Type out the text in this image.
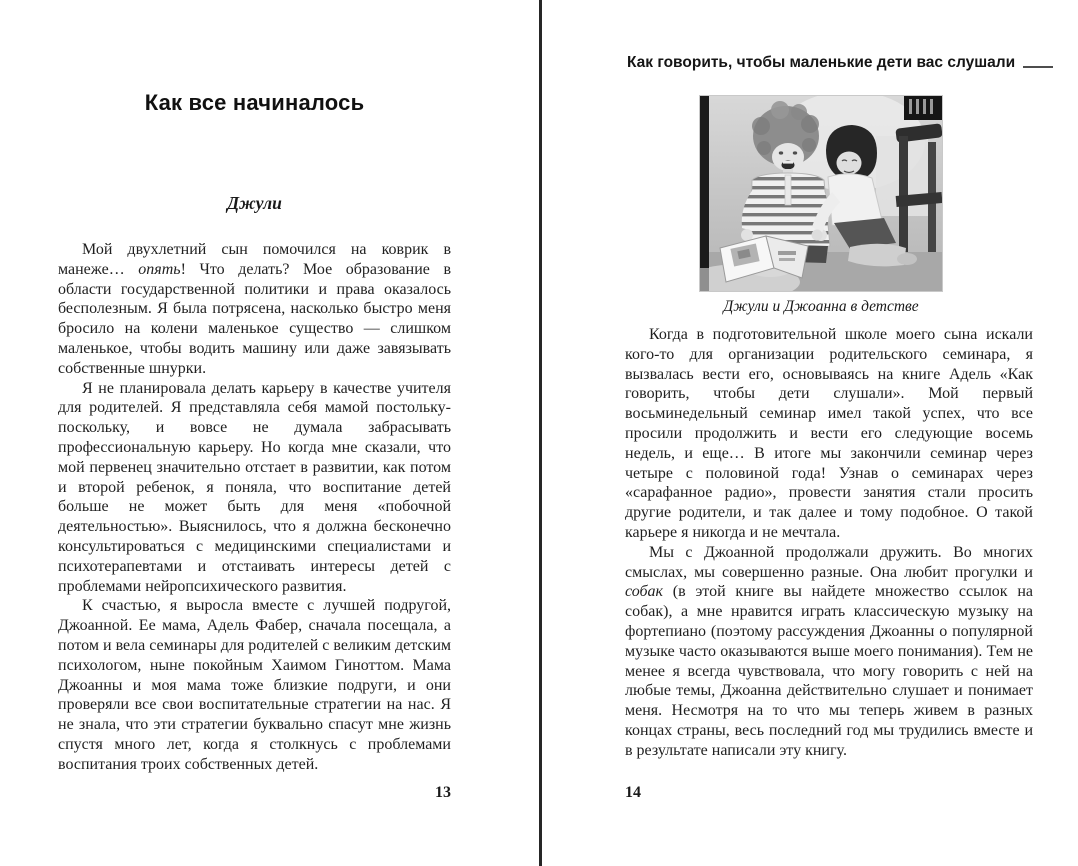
Как все начиналось
Джули

Мой двухлетний сын помочился на коврик в манеже… опять! Что делать? Мое образование в области государственной политики и права оказалось бесполезным. Я была потрясена, насколько быстро меня бросило на колени маленькое существо — слишком маленькое, чтобы водить машину или даже завязывать собственные шнурки.

Я не планировала делать карьеру в качестве учителя для родителей. Я представляла себя мамой постольку-поскольку, и вовсе не думала забрасывать профессиональную карьеру. Но когда мне сказали, что мой первенец значительно отстает в развитии, как потом и второй ребенок, я поняла, что воспитание детей больше не может быть для меня «побочной деятельностью». Выяснилось, что я должна бесконечно консультироваться с медицинскими специалистами и психотерапевтами и отстаивать интересы детей с проблемами нейропсихического развития.

К счастью, я выросла вместе с лучшей подругой, Джоанной. Ее мама, Адель Фабер, сначала посещала, а потом и вела семинары для родителей с великим детским психологом, ныне покойным Хаимом Гиноттом. Мама Джоанны и моя мама тоже близкие подруги, и они проверяли все свои воспитательные стратегии на нас. Я не знала, что эти стратегии буквально спасут мне жизнь спустя много лет, когда я столкнусь с проблемами воспитания троих собственных детей.

13
Как говорить, чтобы маленькие дети вас слушали
Джули и Джоанна в детстве

Когда в подготовительной школе моего сына искали кого-то для организации родительского семинара, я вызвалась вести его, основываясь на книге Адель «Как говорить, чтобы дети слушали». Мой первый восьминедельный семинар имел такой успех, что все просили продолжить и вести его следующие восемь недель, и еще… В итоге мы закончили семинар через четыре с половиной года! Узнав о семинарах через «сарафанное радио», провести занятия стали просить другие родители, и так далее и тому подобное. О такой карьере я никогда и не мечтала.

Мы с Джоанной продолжали дружить. Во многих смыслах, мы совершенно разные. Она любит прогулки и собак (в этой книге вы найдете множество ссылок на собак), а мне нравится играть классическую музыку на фортепиано (поэтому рассуждения Джоанны о популярной музыке часто оказываются выше моего понимания). Тем не менее я всегда чувствовала, что могу говорить с ней на любые темы, Джоанна действительно слушает и понимает меня. Несмотря на то что мы теперь живем в разных концах страны, весь последний год мы трудились вместе и в результате написали эту книгу.

14
